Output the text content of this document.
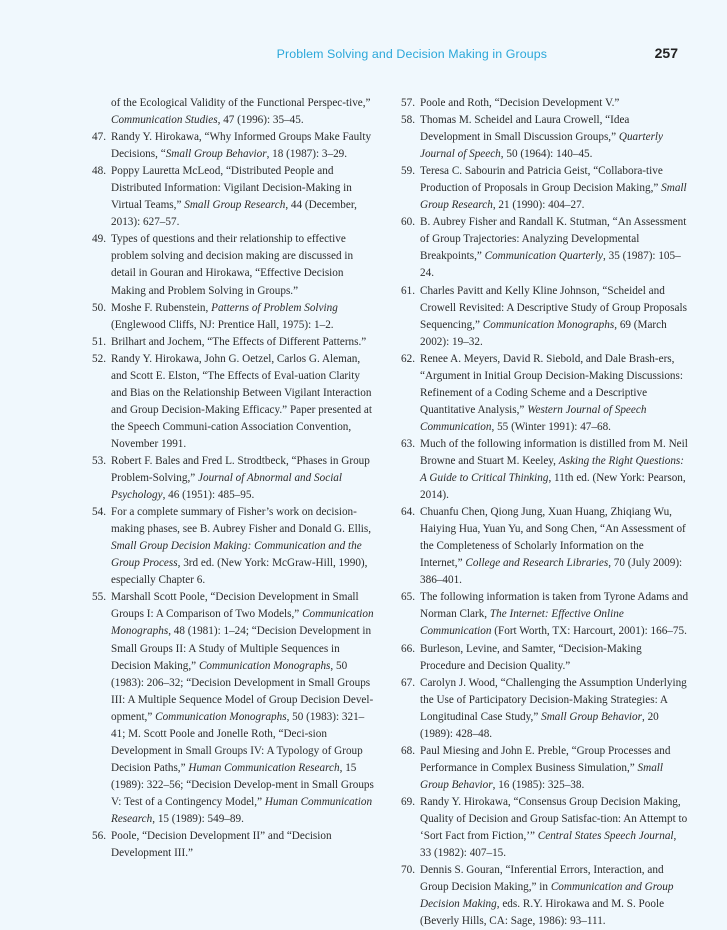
Problem Solving and Decision Making in Groups	257

of the Ecological Validity of the Functional Perspec-tive,” Communication Studies, 47 (1996): 35–45.

47. Randy Y. Hirokawa, “Why Informed Groups Make Faulty Decisions, “Small Group Behavior, 18 (1987): 3–29.

48. Poppy Lauretta McLeod, “Distributed People and Distributed Information: Vigilant Decision-Making in Virtual Teams,” Small Group Research, 44 (December, 2013): 627–57.

49. Types of questions and their relationship to effective problem solving and decision making are discussed in detail in Gouran and Hirokawa, “Effective Decision Making and Problem Solving in Groups.”

50. Moshe F. Rubenstein, Patterns of Problem Solving (Englewood Cliffs, NJ: Prentice Hall, 1975): 1–2.

51. Brilhart and Jochem, “The Effects of Different Patterns.”

52. Randy Y. Hirokawa, John G. Oetzel, Carlos G. Aleman, and Scott E. Elston, “The Effects of Eval-uation Clarity and Bias on the Relationship Between Vigilant Interaction and Group Decision-Making Efficacy.” Paper presented at the Speech Communi-cation Association Convention, November 1991.

53. Robert F. Bales and Fred L. Strodtbeck, “Phases in Group Problem-Solving,” Journal of Abnormal and Social Psychology, 46 (1951): 485–95.

54. For a complete summary of Fisher’s work on decision-making phases, see B. Aubrey Fisher and Donald G. Ellis, Small Group Decision Making: Communication and the Group Process, 3rd ed. (New York: McGraw-Hill, 1990), especially Chapter 6.

55. Marshall Scott Poole, “Decision Development in Small Groups I: A Comparison of Two Models,” Communication Monographs, 48 (1981): 1–24; “Decision Development in Small Groups II: A Study of Multiple Sequences in Decision Making,” Communication Monographs, 50 (1983): 206–32; “Decision Development in Small Groups III: A Multiple Sequence Model of Group Decision Devel-opment,” Communication Monographs, 50 (1983): 321–41; M. Scott Poole and Jonelle Roth, “Deci-sion Development in Small Groups IV: A Typology of Group Decision Paths,” Human Communication Research, 15 (1989): 322–56; “Decision Develop-ment in Small Groups V: Test of a Contingency Model,” Human Communication Research, 15 (1989): 549–89.

56. Poole, “Decision Development II” and “Decision Development III.”

57. Poole and Roth, “Decision Development V.”

58. Thomas M. Scheidel and Laura Crowell, “Idea Development in Small Discussion Groups,” Quarterly Journal of Speech, 50 (1964): 140–45.

59. Teresa C. Sabourin and Patricia Geist, “Collabora-tive Production of Proposals in Group Decision Making,” Small Group Research, 21 (1990): 404–27.

60. B. Aubrey Fisher and Randall K. Stutman, “An Assessment of Group Trajectories: Analyzing Developmental Breakpoints,” Communication Quarterly, 35 (1987): 105–24.

61. Charles Pavitt and Kelly Kline Johnson, “Scheidel and Crowell Revisited: A Descriptive Study of Group Proposals Sequencing,” Communication Monographs, 69 (March 2002): 19–32.

62. Renee A. Meyers, David R. Siebold, and Dale Brash-ers, “Argument in Initial Group Decision-Making Discussions: Refinement of a Coding Scheme and a Descriptive Quantitative Analysis,” Western Journal of Speech Communication, 55 (Winter 1991): 47–68.

63. Much of the following information is distilled from M. Neil Browne and Stuart M. Keeley, Asking the Right Questions: A Guide to Critical Thinking, 11th ed. (New York: Pearson, 2014).

64. Chuanfu Chen, Qiong Jung, Xuan Huang, Zhiqiang Wu, Haiying Hua, Yuan Yu, and Song Chen, “An Assessment of the Completeness of Scholarly Information on the Internet,” College and Research Libraries, 70 (July 2009): 386–401.

65. The following information is taken from Tyrone Adams and Norman Clark, The Internet: Effective Online Communication (Fort Worth, TX: Harcourt, 2001): 166–75.

66. Burleson, Levine, and Samter, “Decision-Making Procedure and Decision Quality.”

67. Carolyn J. Wood, “Challenging the Assumption Underlying the Use of Participatory Decision-Making Strategies: A Longitudinal Case Study,” Small Group Behavior, 20 (1989): 428–48.

68. Paul Miesing and John E. Preble, “Group Processes and Performance in Complex Business Simulation,” Small Group Behavior, 16 (1985): 325–38.

69. Randy Y. Hirokawa, “Consensus Group Decision Making, Quality of Decision and Group Satisfac-tion: An Attempt to ‘Sort Fact from Fiction,’” Central States Speech Journal, 33 (1982): 407–15.

70. Dennis S. Gouran, “Inferential Errors, Interaction, and Group Decision Making,” in Communication and Group Decision Making, eds. R.Y. Hirokawa and M. S. Poole (Beverly Hills, CA: Sage, 1986): 93–111.
